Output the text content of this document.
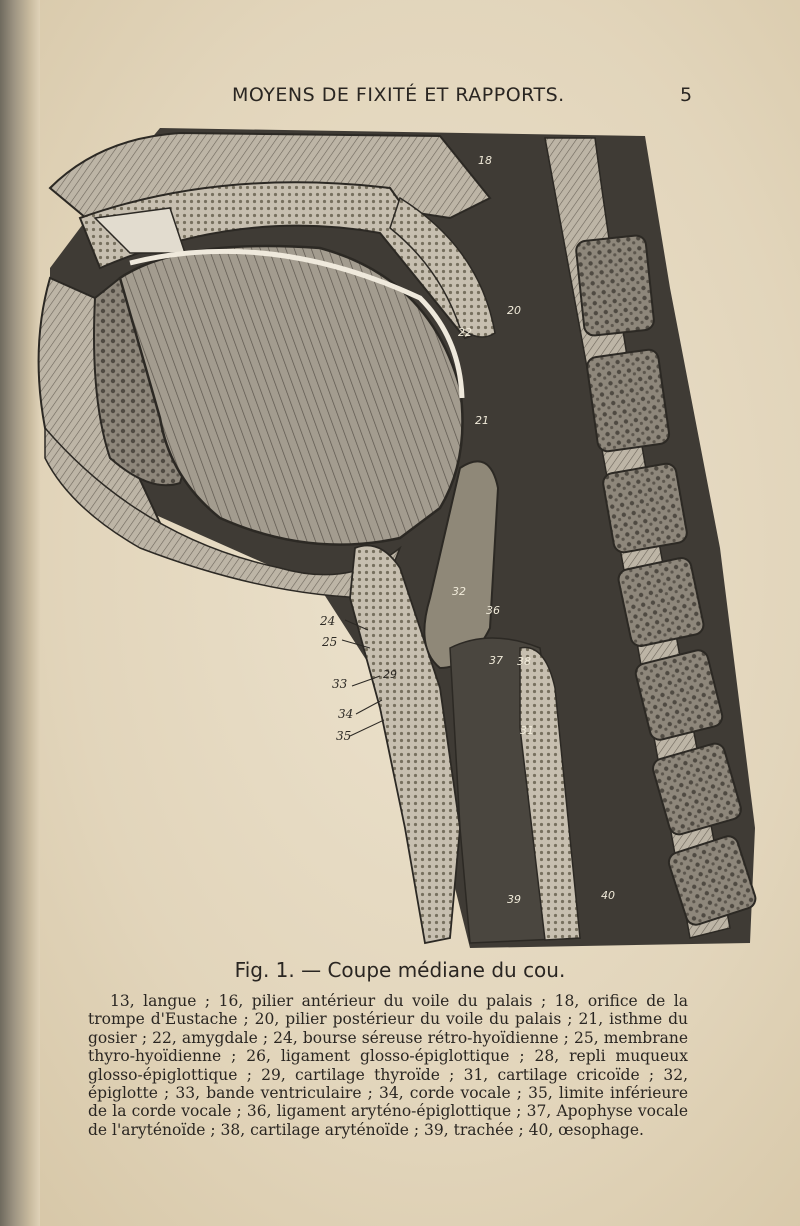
MOYENS DE FIXITÉ ET RAPPORTS.	5
18
20
22
21
32
36
37 38
31
39	40
29
24
25
33
34
35
Fig. 1. — Coupe médiane du cou.
13, langue ; 16, pilier antérieur du voile du palais ; 18, orifice de la trompe d'Eustache ; 20, pilier postérieur du voile du palais ; 21, isthme du gosier ; 22, amygdale ; 24, bourse séreuse rétro-hyoïdienne ; 25, membrane thyro-hyoïdienne ; 26, ligament glosso-épiglottique ; 28, repli muqueux glosso-épiglottique ; 29, cartilage thyroïde ; 31, cartilage cricoïde ; 32, épiglotte ; 33, bande ventriculaire ; 34, corde vocale ; 35, limite inférieure de la corde vocale ; 36, ligament aryténo-épiglottique ; 37, Apophyse vocale de l'aryténoïde ; 38, cartilage aryténoïde ; 39, trachée ; 40, œsophage.
